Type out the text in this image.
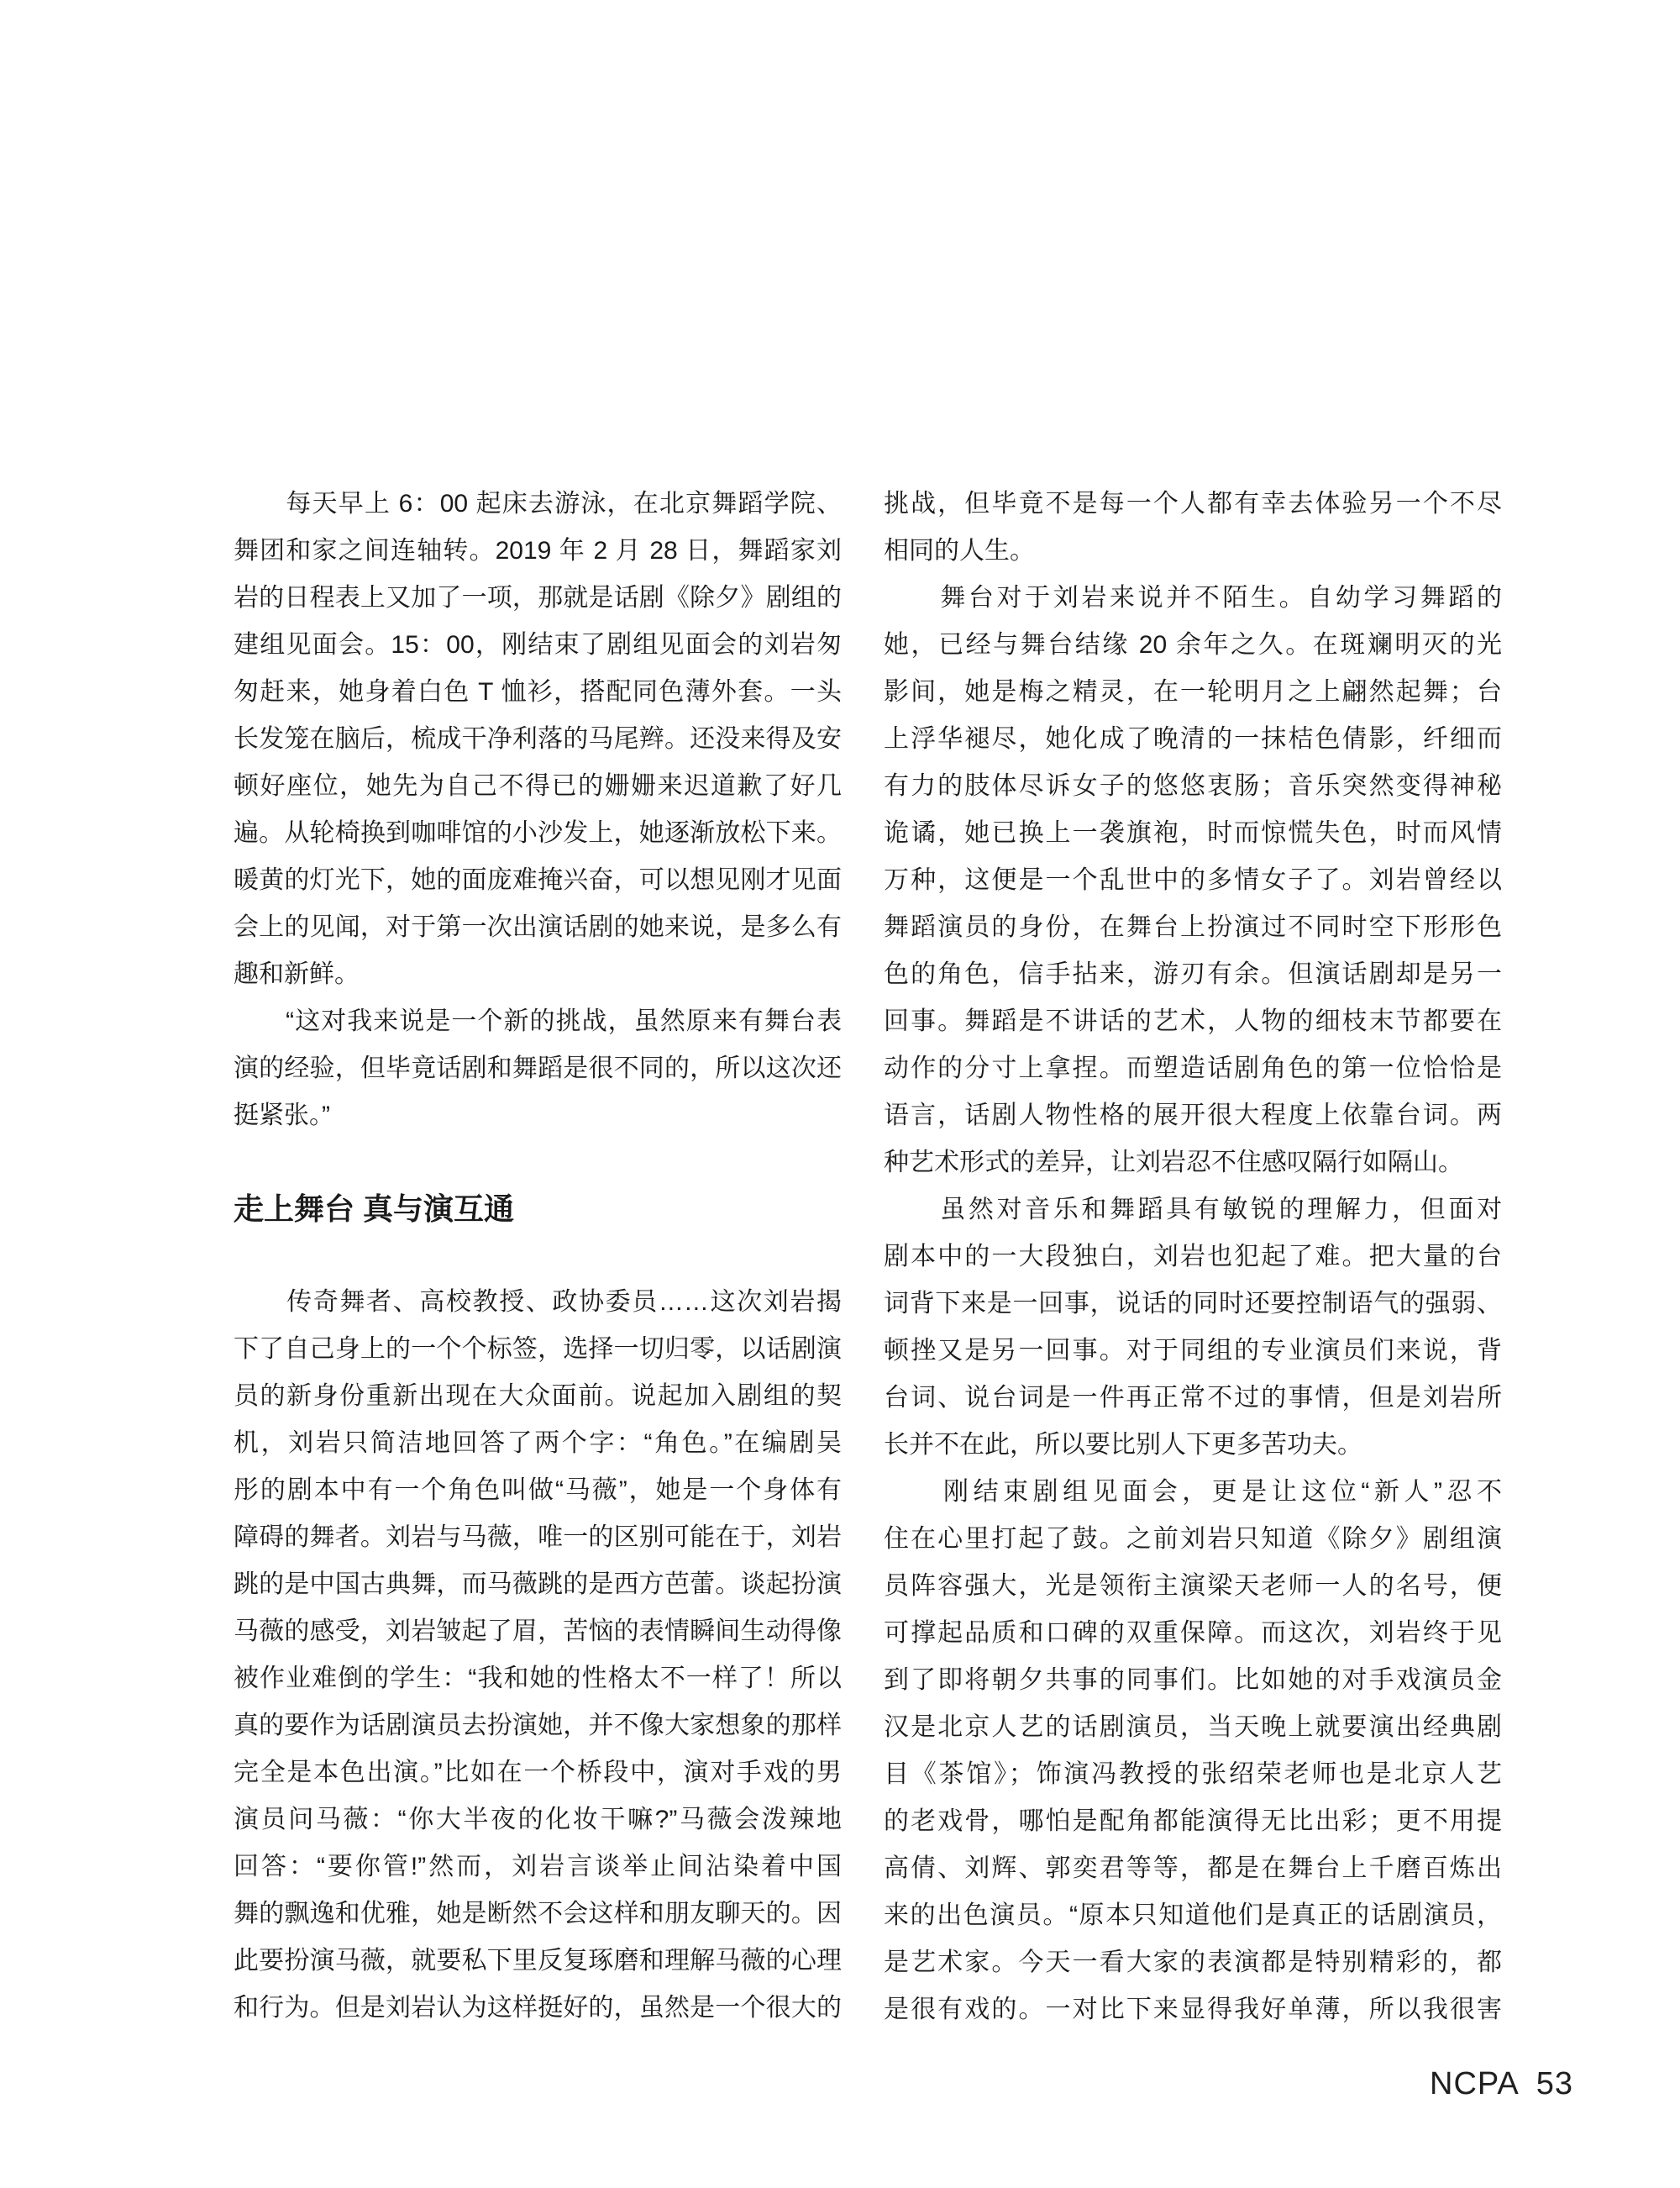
　　每天早上 6：00 起床去游泳，在北京舞蹈学院、
舞团和家之间连轴转。2019 年 2 月 28 日，舞蹈家刘
岩的日程表上又加了一项，那就是话剧《除夕》剧组的
建组见面会。15：00，刚结束了剧组见面会的刘岩匆
匆赶来，她身着白色 T 恤衫，搭配同色薄外套。一头
长发笼在脑后，梳成干净利落的马尾辫。还没来得及安
顿好座位，她先为自己不得已的姗姗来迟道歉了好几
遍。从轮椅换到咖啡馆的小沙发上，她逐渐放松下来。
暖黄的灯光下，她的面庞难掩兴奋，可以想见刚才见面
会上的见闻，对于第一次出演话剧的她来说，是多么有
趣和新鲜。
　　“这对我来说是一个新的挑战，虽然原来有舞台表
演的经验，但毕竟话剧和舞蹈是很不同的，所以这次还
挺紧张。”
走上舞台 真与演互通
　　传奇舞者、高校教授、政协委员……这次刘岩揭
下了自己身上的一个个标签，选择一切归零，以话剧演
员的新身份重新出现在大众面前。说起加入剧组的契
机，刘岩只简洁地回答了两个字：“角色。”在编剧吴
彤的剧本中有一个角色叫做“马薇”，她是一个身体有
障碍的舞者。刘岩与马薇，唯一的区别可能在于，刘岩
跳的是中国古典舞，而马薇跳的是西方芭蕾。谈起扮演
马薇的感受，刘岩皱起了眉，苦恼的表情瞬间生动得像
被作业难倒的学生：“我和她的性格太不一样了！所以
真的要作为话剧演员去扮演她，并不像大家想象的那样
完全是本色出演。”比如在一个桥段中，演对手戏的男
演员问马薇：“你大半夜的化妆干嘛?”马薇会泼辣地
回答：“要你管!”然而，刘岩言谈举止间沾染着中国
舞的飘逸和优雅，她是断然不会这样和朋友聊天的。因
此要扮演马薇，就要私下里反复琢磨和理解马薇的心理
和行为。但是刘岩认为这样挺好的，虽然是一个很大的
挑战，但毕竟不是每一个人都有幸去体验另一个不尽
相同的人生。
　　舞台对于刘岩来说并不陌生。自幼学习舞蹈的
她，已经与舞台结缘 20 余年之久。在斑斓明灭的光
影间，她是梅之精灵，在一轮明月之上翩然起舞；台
上浮华褪尽，她化成了晚清的一抹桔色倩影，纤细而
有力的肢体尽诉女子的悠悠衷肠；音乐突然变得神秘
诡谲，她已换上一袭旗袍，时而惊慌失色，时而风情
万种，这便是一个乱世中的多情女子了。刘岩曾经以
舞蹈演员的身份，在舞台上扮演过不同时空下形形色
色的角色，信手拈来，游刃有余。但演话剧却是另一
回事。舞蹈是不讲话的艺术，人物的细枝末节都要在
动作的分寸上拿捏。而塑造话剧角色的第一位恰恰是
语言，话剧人物性格的展开很大程度上依靠台词。两
种艺术形式的差异，让刘岩忍不住感叹隔行如隔山。
　　虽然对音乐和舞蹈具有敏锐的理解力，但面对
剧本中的一大段独白，刘岩也犯起了难。把大量的台
词背下来是一回事，说话的同时还要控制语气的强弱、
顿挫又是另一回事。对于同组的专业演员们来说，背
台词、说台词是一件再正常不过的事情，但是刘岩所
长并不在此，所以要比别人下更多苦功夫。
　　刚结束剧组见面会，更是让这位“新人”忍不
住在心里打起了鼓。之前刘岩只知道《除夕》剧组演
员阵容强大，光是领衔主演梁天老师一人的名号，便
可撑起品质和口碑的双重保障。而这次，刘岩终于见
到了即将朝夕共事的同事们。比如她的对手戏演员金
汉是北京人艺的话剧演员，当天晚上就要演出经典剧
目《茶馆》；饰演冯教授的张绍荣老师也是北京人艺
的老戏骨，哪怕是配角都能演得无比出彩；更不用提
高倩、刘辉、郭奕君等等，都是在舞台上千磨百炼出
来的出色演员。“原本只知道他们是真正的话剧演员，
是艺术家。今天一看大家的表演都是特别精彩的，都
是很有戏的。一对比下来显得我好单薄，所以我很害
NCPA 53
